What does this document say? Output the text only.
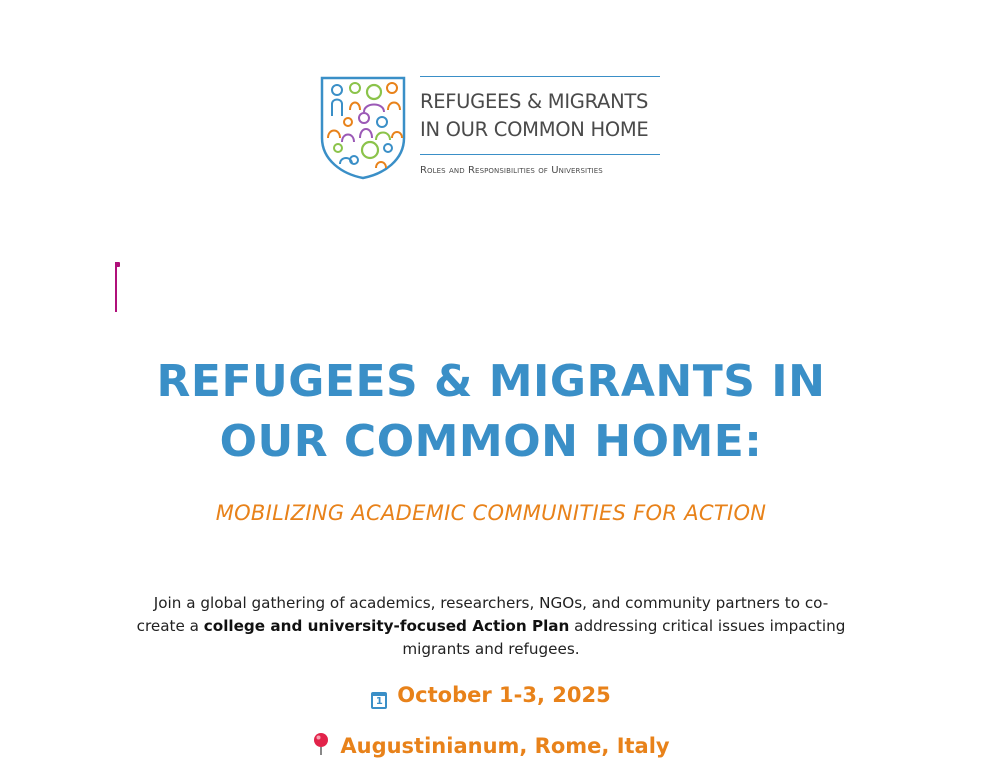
REFUGEES & MIGRANTS
IN OUR COMMON HOME
Roles and Responsibilities of Universities
REFUGEES & MIGRANTS IN
OUR COMMON HOME:
MOBILIZING ACADEMIC COMMUNITIES FOR ACTION

Join a global gathering of academics, researchers, NGOs, and community partners to co-create a college and university-focused Action Plan addressing critical issues impacting migrants and refugees.

1 October 1-3, 2025
Augustinianum, Rome, Italy
